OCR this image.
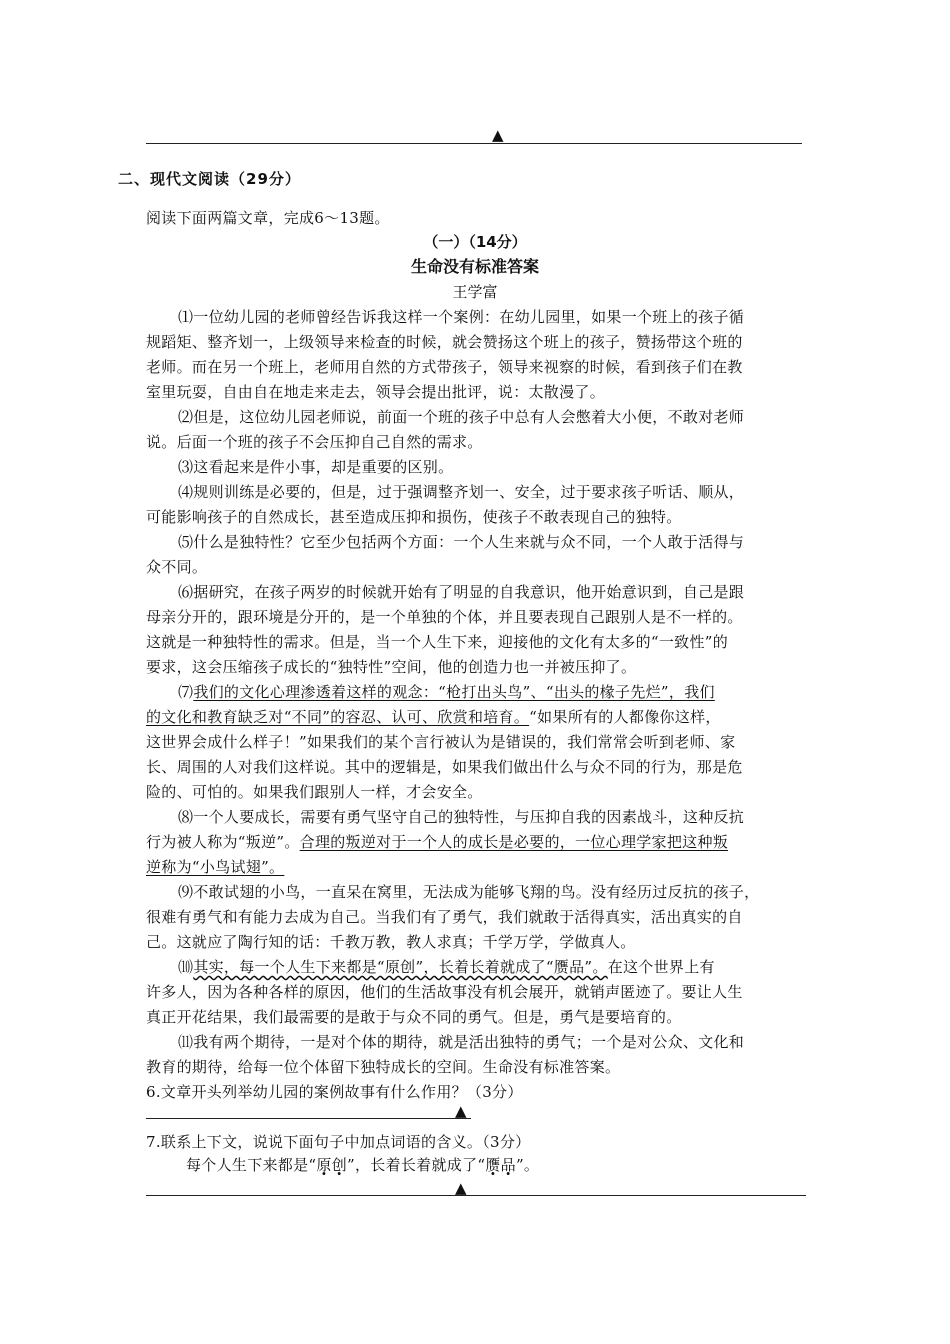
▲
二、现代文阅读（29分）
阅读下面两篇文章，完成6～13题。
（一）（14分）
生命没有标准答案
王学富
⑴一位幼儿园的老师曾经告诉我这样一个案例：在幼儿园里，如果一个班上的孩子循
规蹈矩、整齐划一，上级领导来检查的时候，就会赞扬这个班上的孩子，赞扬带这个班的
老师。而在另一个班上，老师用自然的方式带孩子，领导来视察的时候，看到孩子们在教
室里玩耍，自由自在地走来走去，领导会提出批评，说：太散漫了。
⑵但是，这位幼儿园老师说，前面一个班的孩子中总有人会憋着大小便，不敢对老师
说。后面一个班的孩子不会压抑自己自然的需求。
⑶这看起来是件小事，却是重要的区别。
⑷规则训练是必要的，但是，过于强调整齐划一、安全，过于要求孩子听话、顺从，
可能影响孩子的自然成长，甚至造成压抑和损伤，使孩子不敢表现自己的独特。
⑸什么是独特性？它至少包括两个方面：一个人生来就与众不同，一个人敢于活得与
众不同。
⑹据研究，在孩子两岁的时候就开始有了明显的自我意识，他开始意识到，自己是跟
母亲分开的，跟环境是分开的，是一个单独的个体，并且要表现自己跟别人是不一样的。
这就是一种独特性的需求。但是，当一个人生下来，迎接他的文化有太多的“一致性”的
要求，这会压缩孩子成长的“独特性”空间，他的创造力也一并被压抑了。
⑺我们的文化心理渗透着这样的观念：“枪打出头鸟”、“出头的椽子先烂”，我们
的文化和教育缺乏对“不同”的容忍、认可、欣赏和培育。“如果所有的人都像你这样，
这世界会成什么样子！”如果我们的某个言行被认为是错误的，我们常常会听到老师、家
长、周围的人对我们这样说。其中的逻辑是，如果我们做出什么与众不同的行为，那是危
险的、可怕的。如果我们跟别人一样，才会安全。
⑻一个人要成长，需要有勇气坚守自己的独特性，与压抑自我的因素战斗，这种反抗
行为被人称为“叛逆”。合理的叛逆对于一个人的成长是必要的，一位心理学家把这种叛
逆称为“小鸟试翅”。
⑼不敢试翅的小鸟，一直呆在窝里，无法成为能够飞翔的鸟。没有经历过反抗的孩子，
很难有勇气和有能力去成为自己。当我们有了勇气，我们就敢于活得真实，活出真实的自
己。这就应了陶行知的话：千教万教，教人求真；千学万学，学做真人。
⑽其实，每一个人生下来都是“原创”，长着长着就成了“赝品”。在这个世界上有
许多人，因为各种各样的原因，他们的生活故事没有机会展开，就销声匿迹了。要让人生
真正开花结果，我们最需要的是敢于与众不同的勇气。但是，勇气是要培育的。
⑾我有两个期待，一是对个体的期待，就是活出独特的勇气；一个是对公众、文化和
教育的期待，给每一位个体留下独特成长的空间。生命没有标准答案。
6.文章开头列举幼儿园的案例故事有什么作用？（3分）
▲
7.联系上下文，说说下面句子中加点词语的含义。（3分）
每个人生下来都是“原创”，长着长着就成了“赝品”。
▲
